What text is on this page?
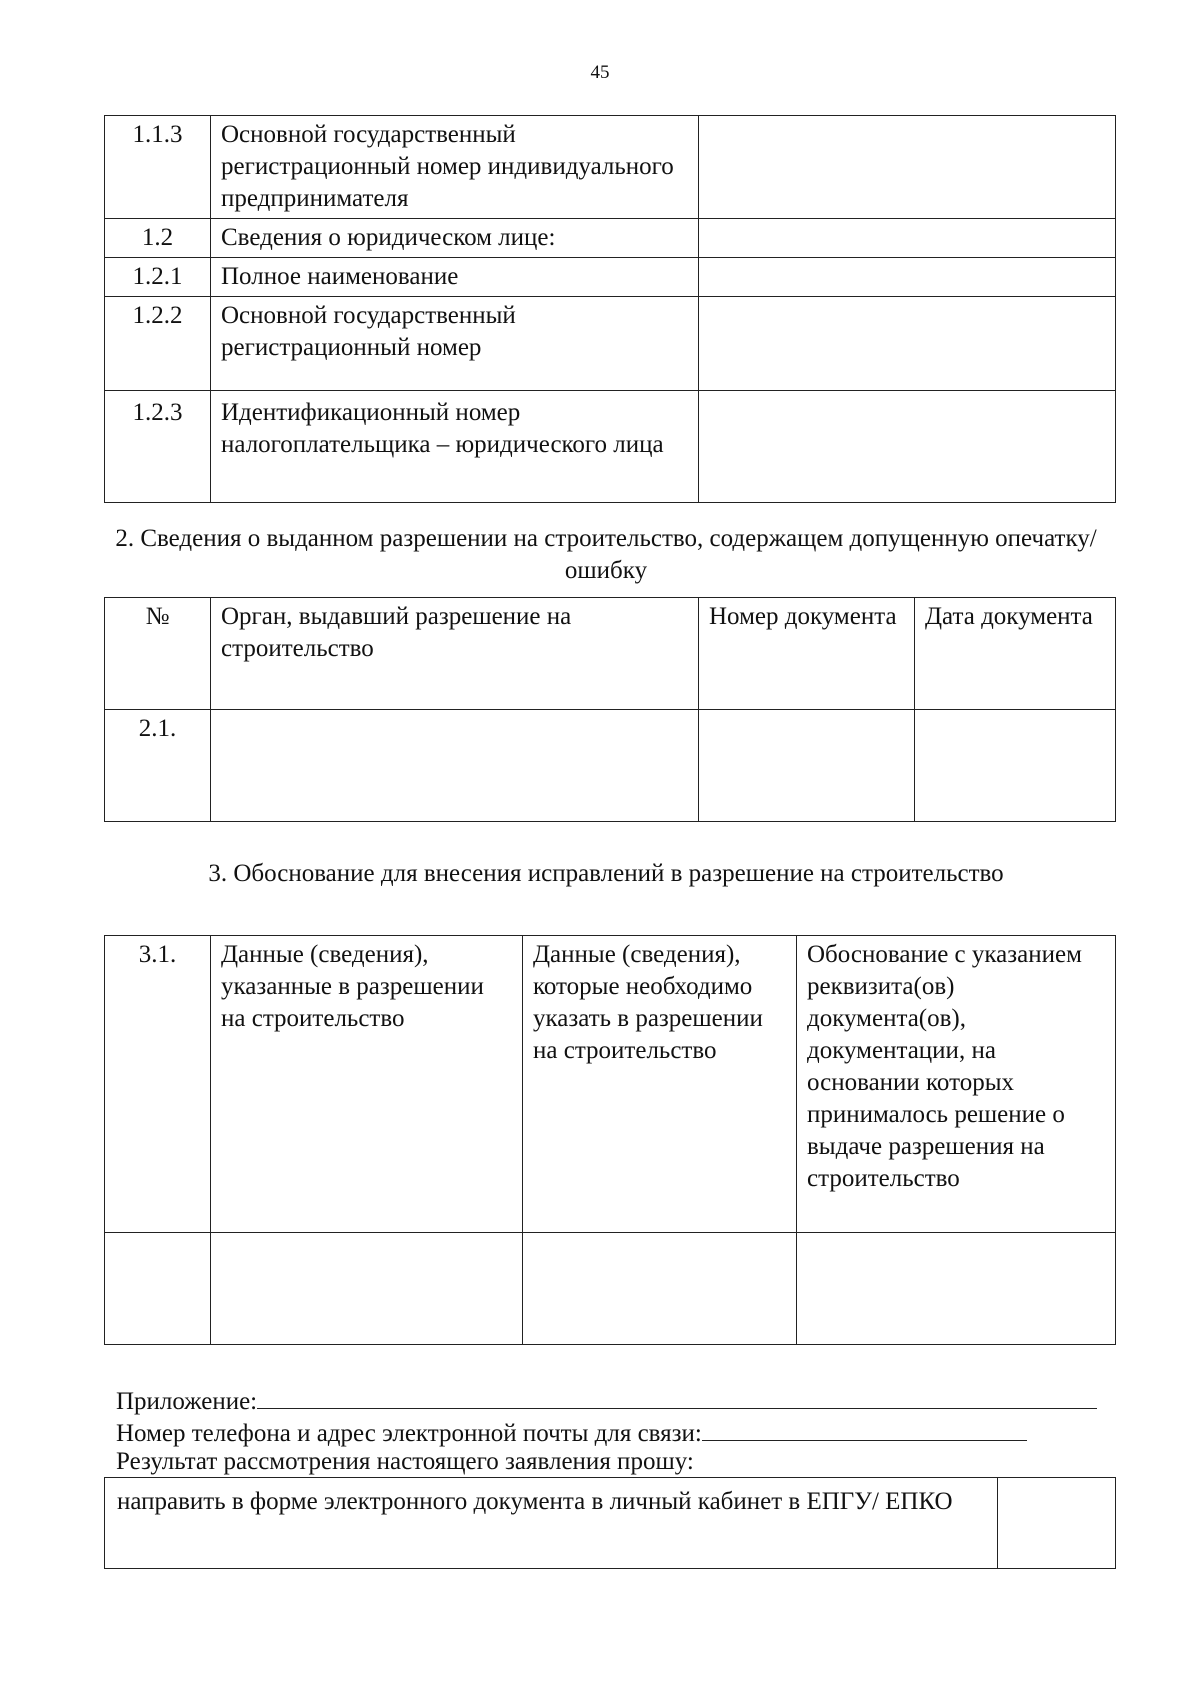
45
1.1.3	Основной государственный регистрационный номер индивидуального предпринимателя	
1.2	Сведения о юридическом лице:	
1.2.1	Полное наименование	
1.2.2	Основной государственный регистрационный номер	
1.2.3	Идентификационный номер налогоплательщика – юридического лица	
2. Сведения о выданном разрешении на строительство, содержащем допущенную опечатку/ ошибку
№	Орган, выдавший разрешение на строительство	Номер документа	Дата документа
2.1.			
3. Обоснование для внесения исправлений в разрешение на строительство
3.1.	Данные (сведения), указанные в разрешении на строительство	Данные (сведения), которые необходимо указать в разрешении на строительство	Обоснование с указанием реквизита(ов) документа(ов), документации, на основании которых принималось решение о выдаче разрешения на строительство

Приложение:
Номер телефона и адрес электронной почты для связи:
Результат рассмотрения настоящего заявления прошу:
направить в форме электронного документа в личный кабинет в ЕПГУ/ ЕПКО	
